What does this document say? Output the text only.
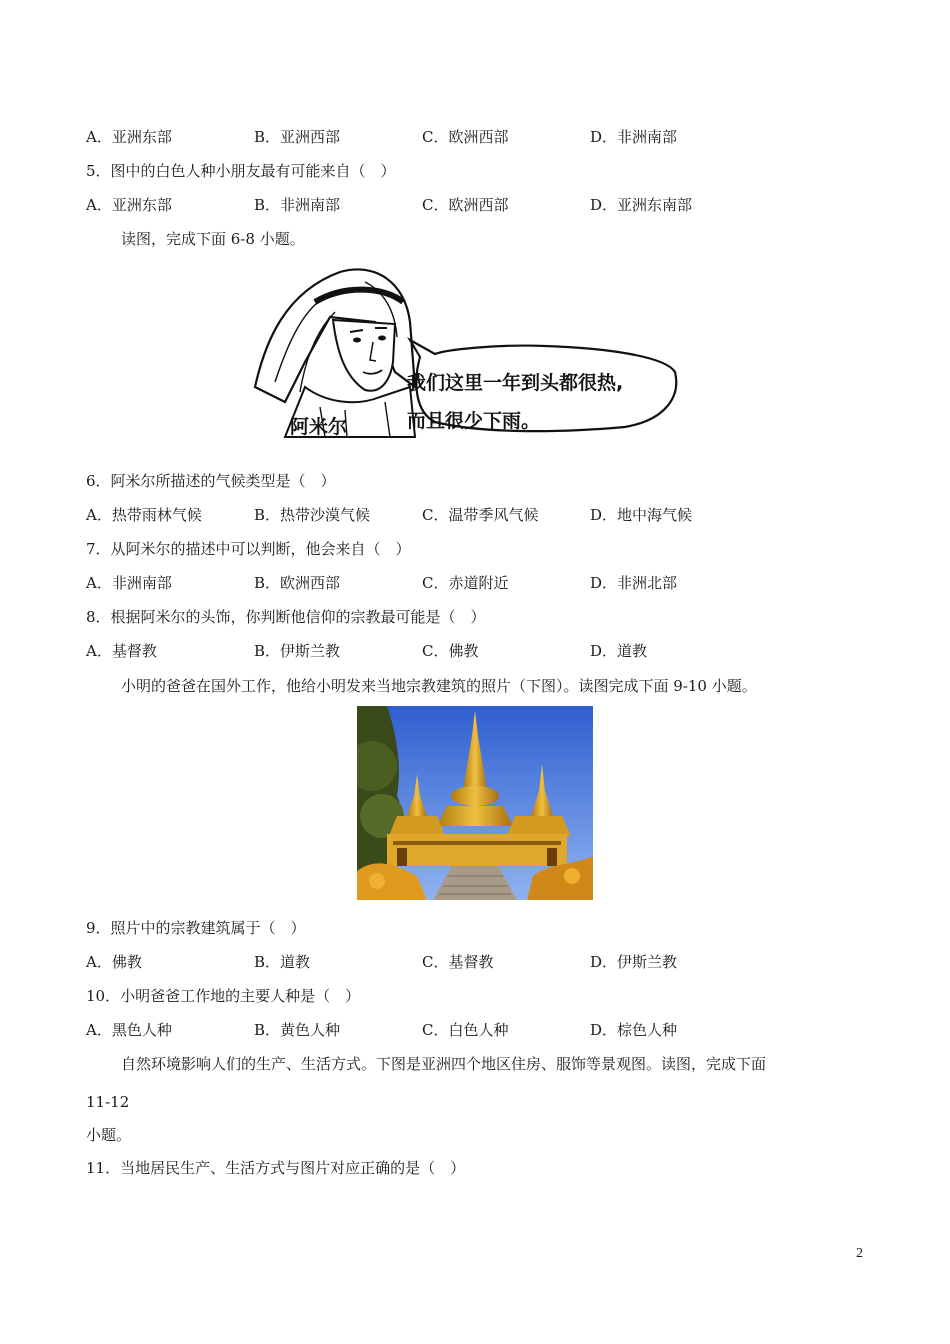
A．亚洲东部	B．亚洲西部	C．欧洲西部	D．非洲南部
5．图中的白色人种小朋友最有可能来自（　）
A．亚洲东部	B．非洲南部	C．欧洲西部	D．亚洲东南部
读图，完成下面 6-8 小题。
我们这里一年到头都很热,
而且很少下雨。
阿米尔
6．阿米尔所描述的气候类型是（　）
A．热带雨林气候	B．热带沙漠气候	C．温带季风气候	D．地中海气候
7．从阿米尔的描述中可以判断，他会来自（　）
A．非洲南部	B．欧洲西部	C．赤道附近	D．非洲北部
8．根据阿米尔的头饰，你判断他信仰的宗教最可能是（　）
A．基督教	B．伊斯兰教	C．佛教	D．道教
小明的爸爸在国外工作，他给小明发来当地宗教建筑的照片（下图）。读图完成下面 9-10 小题。
9．照片中的宗教建筑属于（　）
A．佛教	B．道教	C．基督教	D．伊斯兰教
10．小明爸爸工作地的主要人种是（　）
A．黑色人种	B．黄色人种	C．白色人种	D．棕色人种
自然环境影响人们的生产、生活方式。下图是亚洲四个地区住房、服饰等景观图。读图，完成下面
11-12
小题。
11．当地居民生产、生活方式与图片对应正确的是（　）
2
